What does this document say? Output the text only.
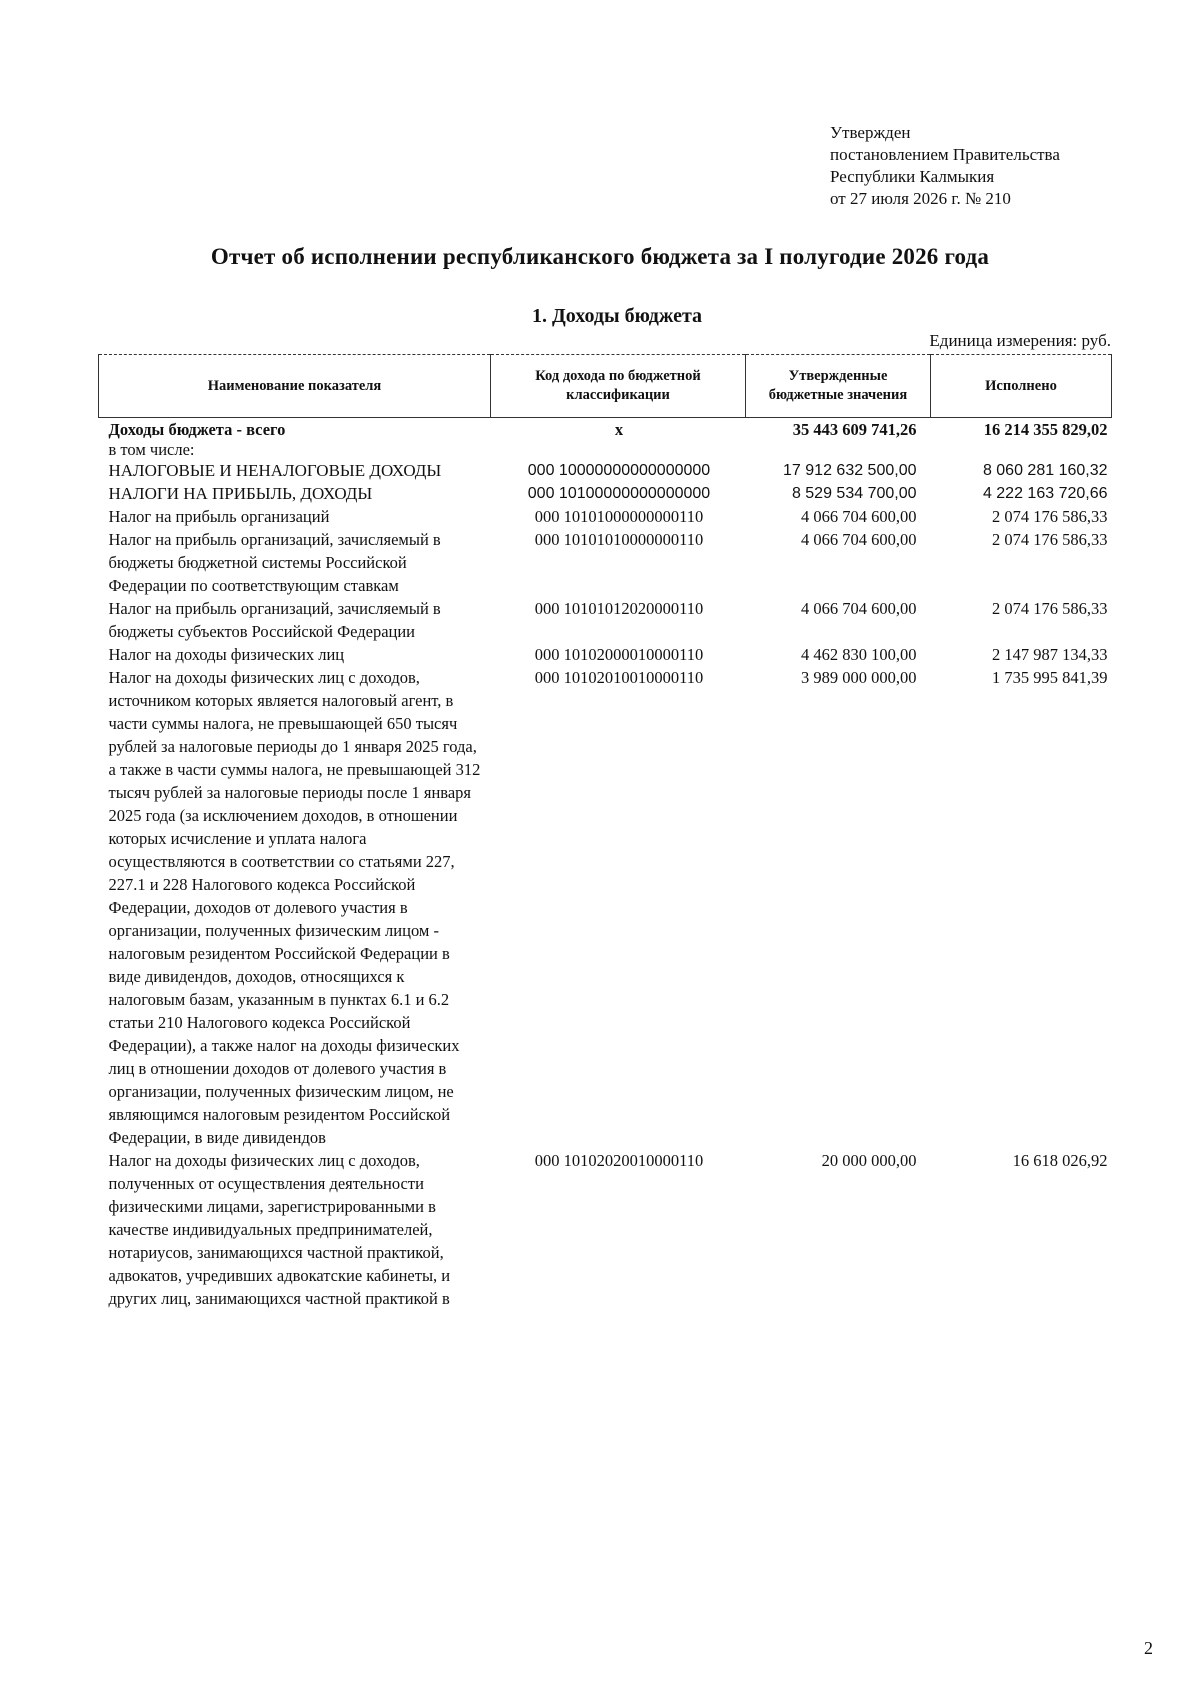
Утвержден
постановлением Правительства
Республики Калмыкия
от 27 июля 2026 г. № 210
Отчет об исполнении республиканского бюджета за I полугодие 2026 года
1. Доходы бюджета
Единица измерения: руб.
Наименование показателя	Код дохода по бюджетной классификации	Утвержденные бюджетные значения	Исполнено
Доходы бюджета - всего	x	35 443 609 741,26	16 214 355 829,02
в том числе:			
НАЛОГОВЫЕ И НЕНАЛОГОВЫЕ ДОХОДЫ	000 10000000000000000	17 912 632 500,00	8 060 281 160,32
НАЛОГИ НА ПРИБЫЛЬ, ДОХОДЫ	000 10100000000000000	8 529 534 700,00	4 222 163 720,66
Налог на прибыль организаций	000 10101000000000110	4 066 704 600,00	2 074 176 586,33
Налог на прибыль организаций, зачисляемый в бюджеты бюджетной системы Российской Федерации по соответствующим ставкам	000 10101010000000110	4 066 704 600,00	2 074 176 586,33
Налог на прибыль организаций, зачисляемый в бюджеты субъектов Российской Федерации	000 10101012020000110	4 066 704 600,00	2 074 176 586,33
Налог на доходы физических лиц	000 10102000010000110	4 462 830 100,00	2 147 987 134,33
Налог на доходы физических лиц с доходов, источником которых является налоговый агент, в части суммы налога, не превышающей 650 тысяч рублей за налоговые периоды до 1 января 2025 года, а также в части суммы налога, не превышающей 312 тысяч рублей за налоговые периоды после 1 января 2025 года (за исключением доходов, в отношении которых исчисление и уплата налога осуществляются в соответствии со статьями 227, 227.1 и 228 Налогового кодекса Российской Федерации, доходов от долевого участия в организации, полученных физическим лицом - налоговым резидентом Российской Федерации в виде дивидендов, доходов, относящихся к налоговым базам, указанным в пунктах 6.1 и 6.2 статьи 210 Налогового кодекса Российской Федерации), а также налог на доходы физических лиц в отношении доходов от долевого участия в организации, полученных физическим лицом, не являющимся налоговым резидентом Российской Федерации, в виде дивидендов	000 10102010010000110	3 989 000 000,00	1 735 995 841,39
Налог на доходы физических лиц с доходов, полученных от осуществления деятельности физическими лицами, зарегистрированными в качестве индивидуальных предпринимателей, нотариусов, занимающихся частной практикой, адвокатов, учредивших адвокатские кабинеты, и других лиц, занимающихся частной практикой в	000 10102020010000110	20 000 000,00	16 618 026,92
2
